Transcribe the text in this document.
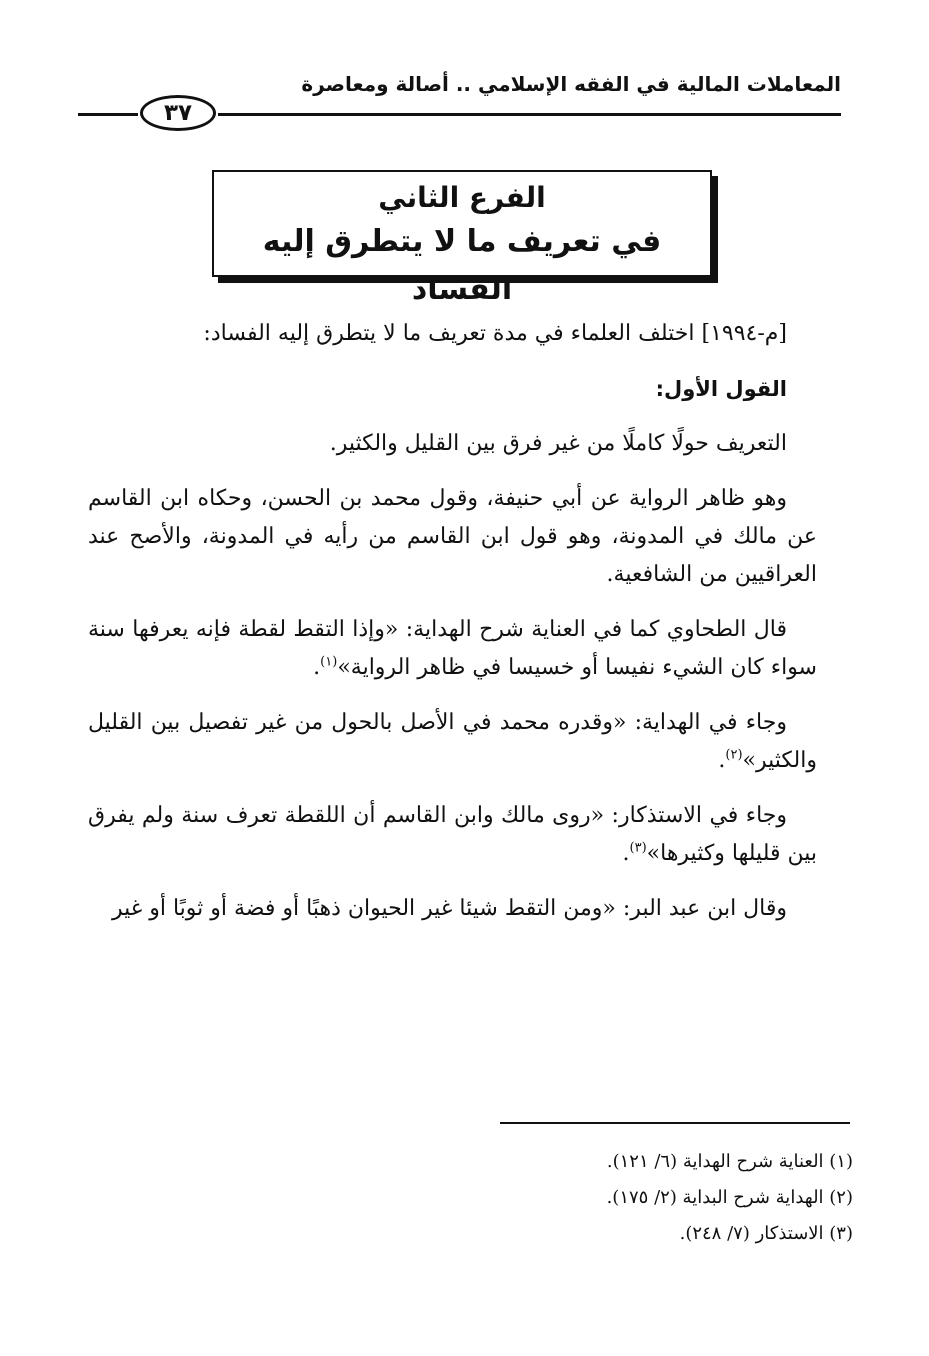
المعاملات المالية في الفقه الإسلامي .. أصالة ومعاصرة
٣٧
الفرع الثاني
في تعريف ما لا يتطرق إليه الفساد

[م-١٩٩٤] اختلف العلماء في مدة تعريف ما لا يتطرق إليه الفساد:

القول الأول:

التعريف حولًا كاملًا من غير فرق بين القليل والكثير.

وهو ظاهر الرواية عن أبي حنيفة، وقول محمد بن الحسن، وحكاه ابن القاسم عن مالك في المدونة، وهو قول ابن القاسم من رأيه في المدونة، والأصح عند العراقيين من الشافعية.

قال الطحاوي كما في العناية شرح الهداية: «وإذا التقط لقطة فإنه يعرفها سنة سواء كان الشيء نفيسا أو خسيسا في ظاهر الرواية»$^{(١)}$.

وجاء في الهداية: «وقدره محمد في الأصل بالحول من غير تفصيل بين القليل والكثير»$^{(٢)}$.

وجاء في الاستذكار: «روى مالك وابن القاسم أن اللقطة تعرف سنة ولم يفرق بين قليلها وكثيرها»$^{(٣)}$.

وقال ابن عبد البر: «ومن التقط شيئا غير الحيوان ذهبًا أو فضة أو ثوبًا أو غير

(١) العناية شرح الهداية (٦/ ١٢١).

(٢) الهداية شرح البداية (٢/ ١٧٥).

(٣) الاستذكار (٧/ ٢٤٨).
